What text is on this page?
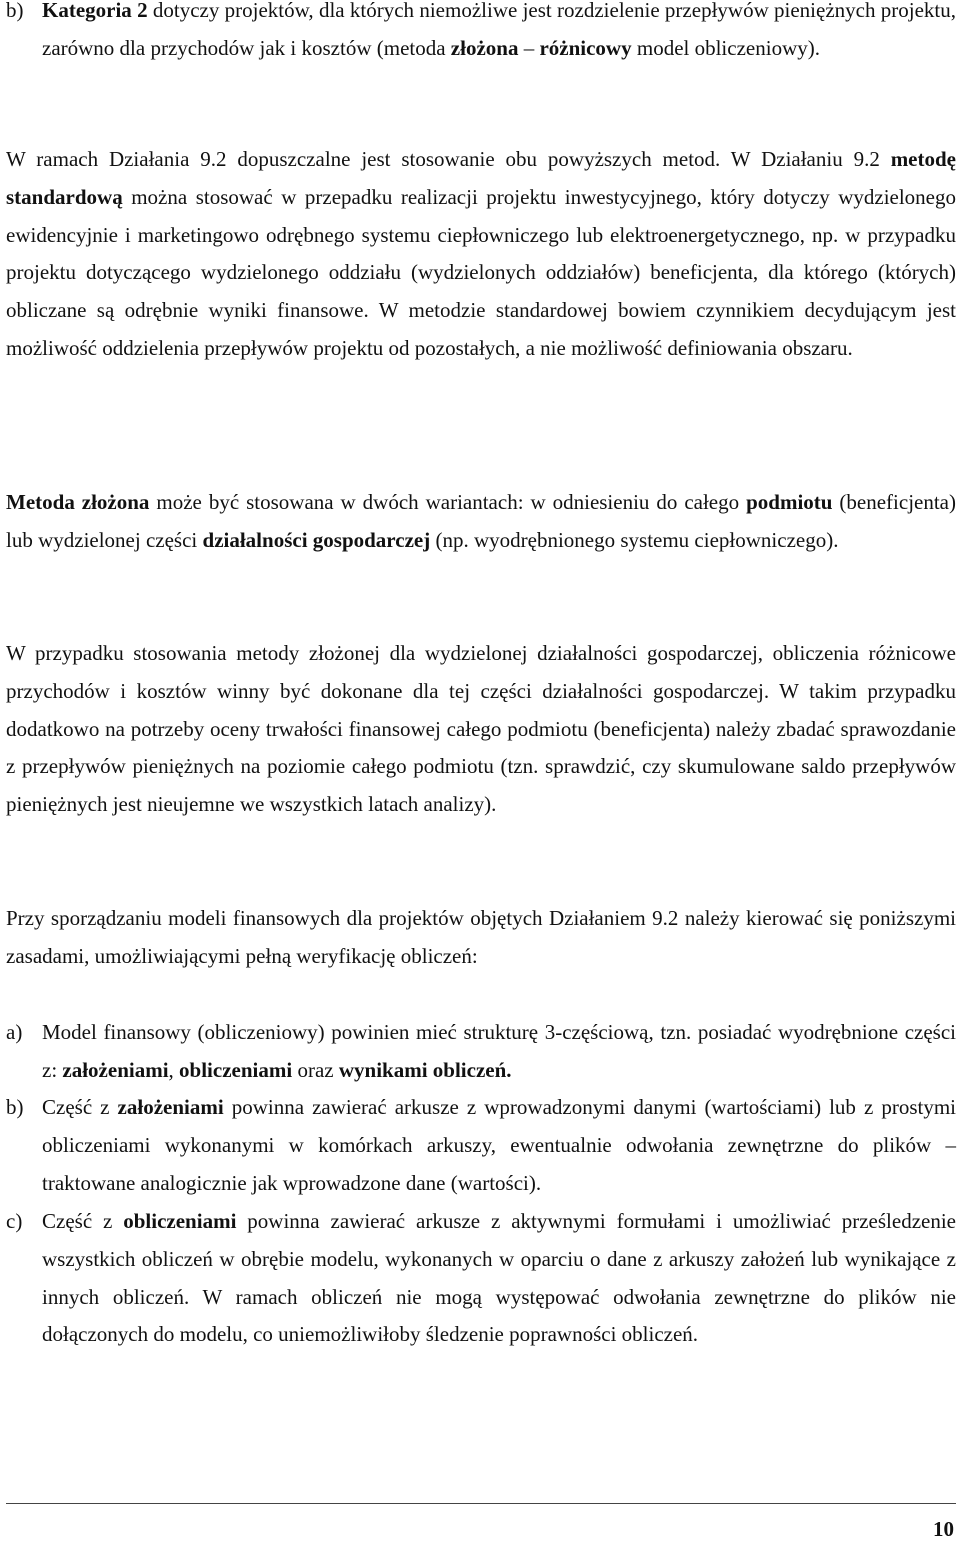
b) Kategoria 2 dotyczy projektów, dla których niemożliwe jest rozdzielenie przepływów pieniężnych projektu, zarówno dla przychodów jak i kosztów (metoda złożona – różnicowy model obliczeniowy).

W ramach Działania 9.2 dopuszczalne jest stosowanie obu powyższych metod. W Działaniu 9.2 metodę standardową można stosować w przepadku realizacji projektu inwestycyjnego, który dotyczy wydzielonego ewidencyjnie i marketingowo odrębnego systemu ciepłowniczego lub elektroenergetycznego, np. w przypadku projektu dotyczącego wydzielonego oddziału (wydzielonych oddziałów) beneficjenta, dla którego (których) obliczane są odrębnie wyniki finansowe. W metodzie standardowej bowiem czynnikiem decydującym jest możliwość oddzielenia przepływów projektu od pozostałych, a nie możliwość definiowania obszaru.

Metoda złożona może być stosowana w dwóch wariantach: w odniesieniu do całego podmiotu (beneficjenta) lub wydzielonej części działalności gospodarczej (np. wyodrębnionego systemu ciepłowniczego).

W przypadku stosowania metody złożonej dla wydzielonej działalności gospodarczej, obliczenia różnicowe przychodów i kosztów winny być dokonane dla tej części działalności gospodarczej. W takim przypadku dodatkowo na potrzeby oceny trwałości finansowej całego podmiotu (beneficjenta) należy zbadać sprawozdanie z przepływów pieniężnych na poziomie całego podmiotu (tzn. sprawdzić, czy skumulowane saldo przepływów pieniężnych jest nieujemne we wszystkich latach analizy).

Przy sporządzaniu modeli finansowych dla projektów objętych Działaniem 9.2 należy kierować się poniższymi zasadami, umożliwiającymi pełną weryfikację obliczeń:

a) Model finansowy (obliczeniowy) powinien mieć strukturę 3-częściową, tzn. posiadać wyodrębnione części z: założeniami, obliczeniami oraz wynikami obliczeń.

b) Część z założeniami powinna zawierać arkusze z wprowadzonymi danymi (wartościami) lub z prostymi obliczeniami wykonanymi w komórkach arkuszy, ewentualnie odwołania zewnętrzne do plików – traktowane analogicznie jak wprowadzone dane (wartości).

c) Część z obliczeniami powinna zawierać arkusze z aktywnymi formułami i umożliwiać prześledzenie wszystkich obliczeń w obrębie modelu, wykonanych w oparciu o dane z arkuszy założeń lub wynikające z innych obliczeń. W ramach obliczeń nie mogą występować odwołania zewnętrzne do plików nie dołączonych do modelu, co uniemożliwiłoby śledzenie poprawności obliczeń.

10
